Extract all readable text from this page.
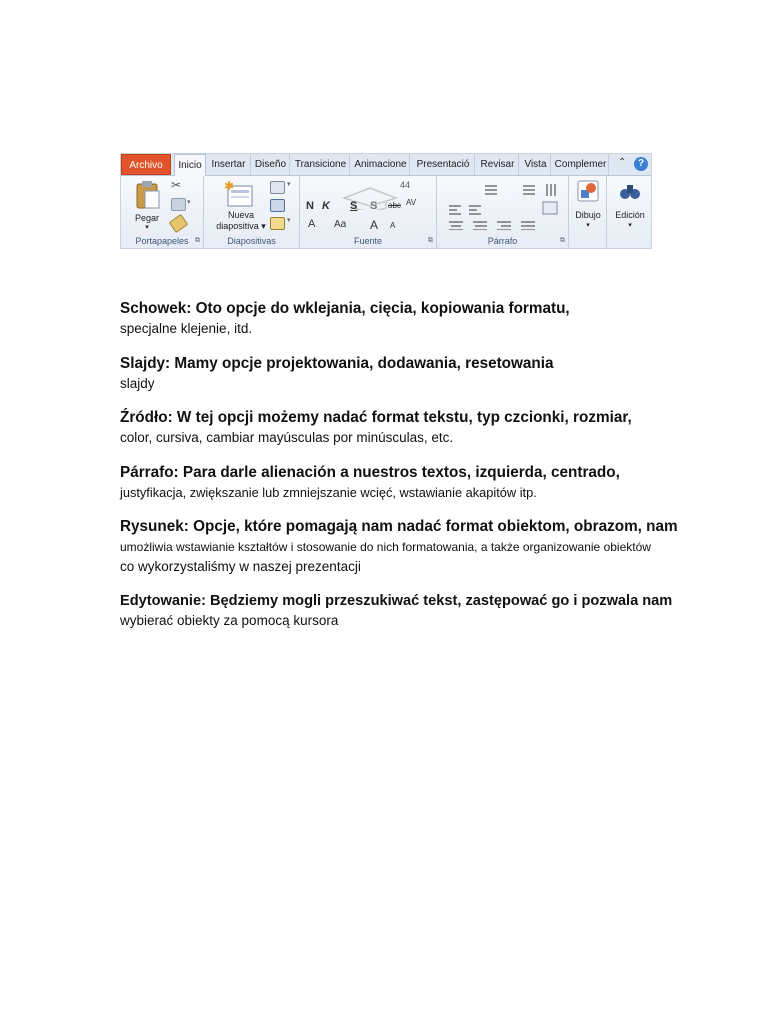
Archivo	Inicio Insertar Diseño Transicione Animacione Presentació	Revisar	Vista Complemer ⌃	?
Pegar
▾
✂
▾
Portapapeles ⧉
✱
Nueva
diapositiva ▾
▾
▾
Diapositivas
44
N K S S abc AV
A Aa A A
Fuente	⧉	Párrafo	⧉
Dibujo
▾
Edición
▾
Schowek: Oto opcje do wklejania, cięcia, kopiowania formatu,
specjalne klejenie, itd.
Slajdy: Mamy opcje projektowania, dodawania, resetowania
slajdy
Źródło: W tej opcji możemy nadać format tekstu, typ czcionki, rozmiar,
color, cursiva, cambiar mayúsculas por minúsculas, etc.
Párrafo: Para darle alienación a nuestros textos, izquierda, centrado,
justyfikacja, zwiększanie lub zmniejszanie wcięć, wstawianie akapitów itp.
Rysunek: Opcje, które pomagają nam nadać format obiektom, obrazom, nam
umożliwia wstawianie kształtów i stosowanie do nich formatowania, a także organizowanie obiektów
co wykorzystaliśmy w naszej prezentacji
Edytowanie: Będziemy mogli przeszukiwać tekst, zastępować go i pozwala nam
wybierać obiekty za pomocą kursora
